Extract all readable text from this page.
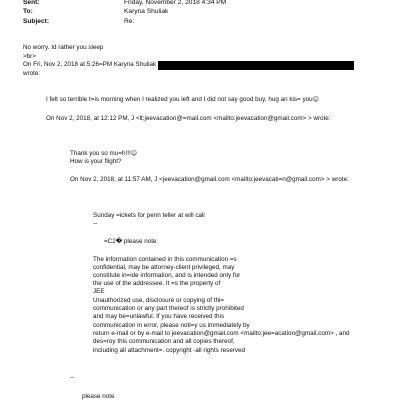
Sent:	Friday, November 2, 2018 4:34 PM
To:	Karyna Shuliak
Subject:	Re:
No worry. Id rather you sleep
>br>
On Fri, Nov 2, 2018 at 5:26=PM Karyna Shuliak
wrote:
I felt so terrible t=is morning when I realized you left and I did not say good buy, hug an kis= you☺
On Nov 2, 2018, at 12:12 PM, J <lt;jeevacation@=mail.com <mailto:jeevacation@gmail.com> > wrote:
Thank you so mu=h!!!☺
How is your flight?
On Nov 2, 2018, at 11:57 AM, J <jeevacation@gmail.com <mailto:jeevacati=n@gmail.com> > wrote:
Sunday =ickets for penn teller at will call
--
=C2� please note
The information contained in this communication =s
confidential, may be attorney-client privileged, may
constitute in=ide information, and is intended only for
the use of the addressee. It =s the property of
JEE
Unauthorized use, disclosure or copying of thi=
communication or any part thereof is strictly prohibited
and may be=unlawful. If you have received this
communication in error, please noti=y us immediately by
return e-mail or by e-mail to jeevacation@gmail.com <mailto:jee=acation@gmail.com> , and
des=roy this communication and all copies thereof,
including all attachment=. copyright -all rights reserved
--
please note
